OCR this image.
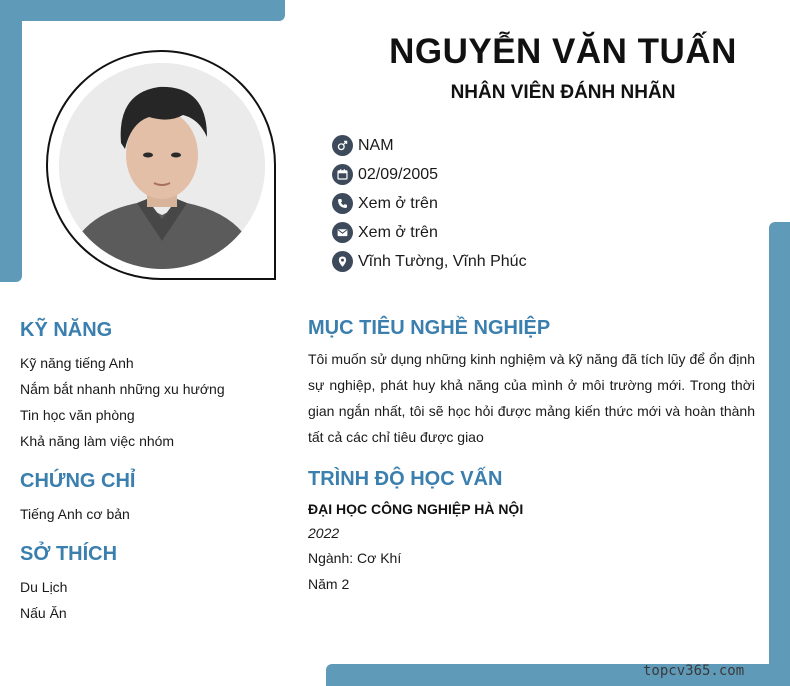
NGUYỄN VĂN TUẤN
NHÂN VIÊN ĐÁNH NHÃN
NAM
02/09/2005
Xem ở trên
Xem ở trên
Vĩnh Tường, Vĩnh Phúc
KỸ NĂNG
Kỹ năng tiếng Anh
Nắm bắt nhanh những xu hướng
Tin học văn phòng
Khả năng làm việc nhóm
CHỨNG CHỈ
Tiếng Anh cơ bản
SỞ THÍCH
Du Lịch
Nấu Ăn
MỤC TIÊU NGHỀ NGHIỆP
Tôi muốn sử dụng những kinh nghiệm và kỹ năng đã tích lũy để ổn định sự nghiệp, phát huy khả năng của mình ở môi trường mới. Trong thời gian ngắn nhất, tôi sẽ học hỏi được mảng kiến thức mới và hoàn thành tất cả các chỉ tiêu được giao
TRÌNH ĐỘ HỌC VẤN
ĐẠI HỌC CÔNG NGHIỆP HÀ NỘI
2022
Ngành: Cơ Khí
Năm 2
topcv365.com
